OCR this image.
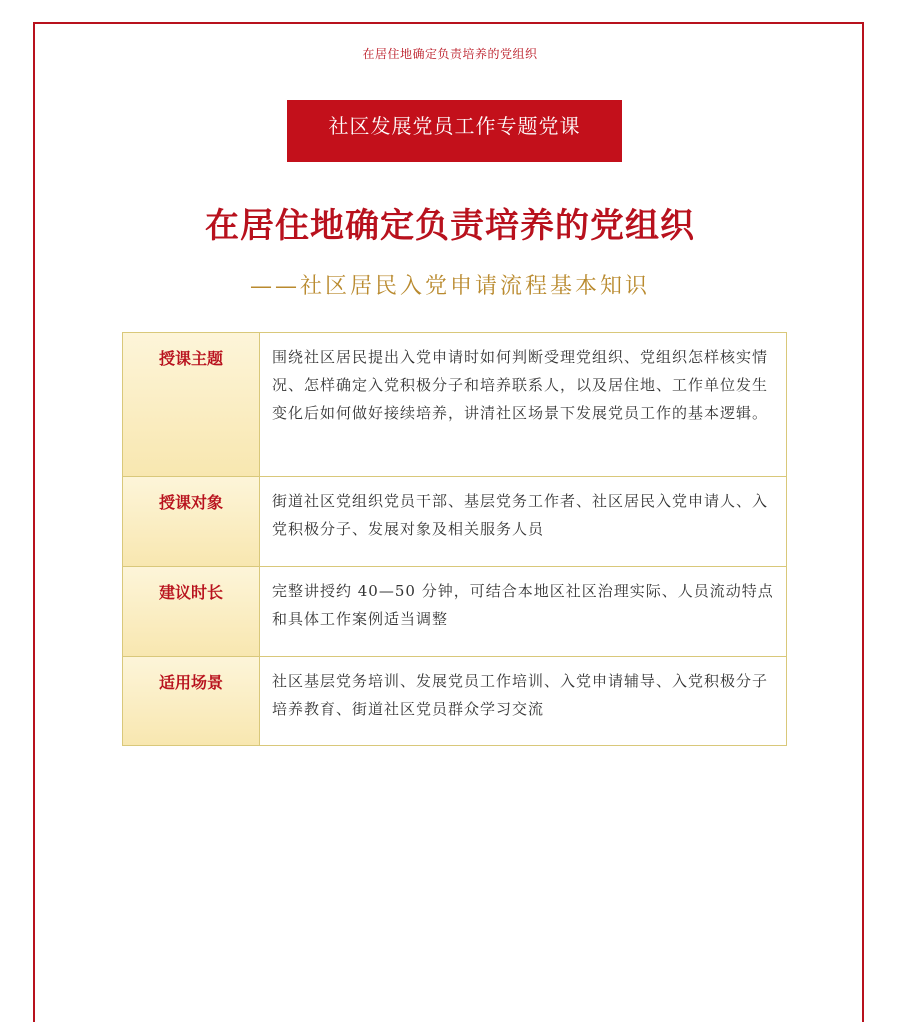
在居住地确定负责培养的党组织
社区发展党员工作专题党课
在居住地确定负责培养的党组织
——社区居民入党申请流程基本知识
授课主题	围绕社区居民提出入党申请时如何判断受理党组织、党组织怎样核实情况、怎样确定入党积极分子和培养联系人，以及居住地、工作单位发生变化后如何做好接续培养，讲清社区场景下发展党员工作的基本逻辑。
授课对象	街道社区党组织党员干部、基层党务工作者、社区居民入党申请人、入党积极分子、发展对象及相关服务人员
建议时长	完整讲授约 40—50 分钟，可结合本地区社区治理实际、人员流动特点和具体工作案例适当调整
适用场景	社区基层党务培训、发展党员工作培训、入党申请辅导、入党积极分子培养教育、街道社区党员群众学习交流
